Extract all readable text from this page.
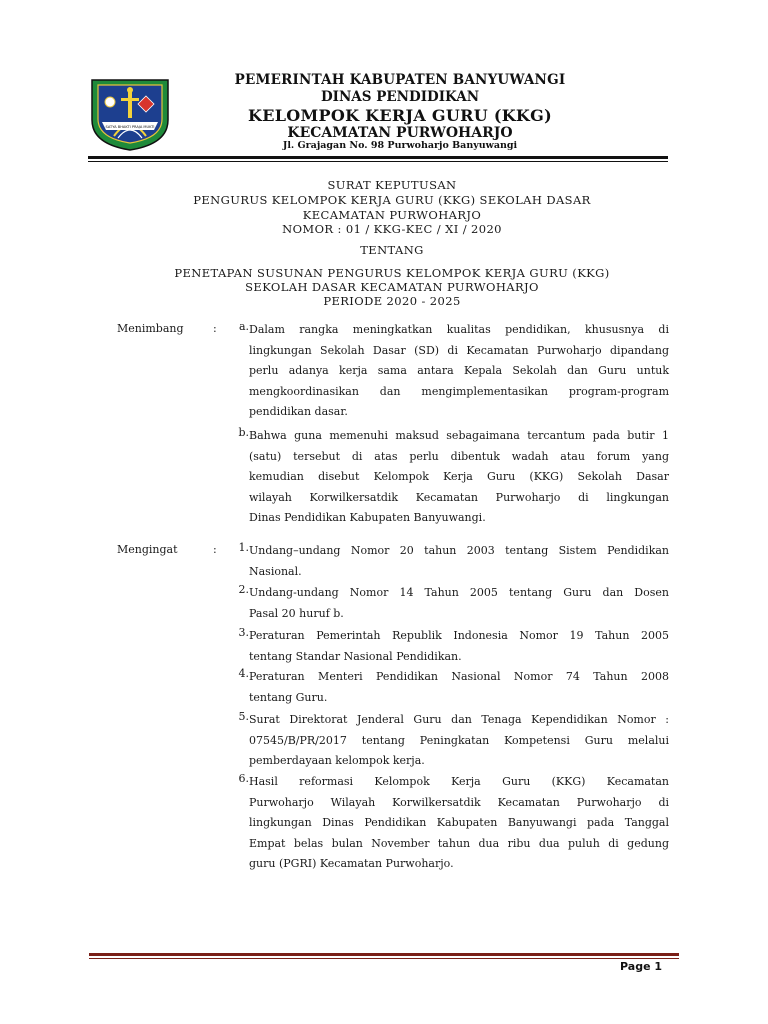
SATYA BHAKTI PRAJA MUKTI
PEMERINTAH KABUPATEN BANYUWANGI
DINAS PENDIDIKAN
KELOMPOK KERJA GURU (KKG)
KECAMATAN PURWOHARJO
Jl. Grajagan No. 98 Purwoharjo Banyuwangi
SURAT KEPUTUSAN
PENGURUS KELOMPOK KERJA GURU (KKG) SEKOLAH DASAR
KECAMATAN PURWOHARJO
NOMOR : 01 / KKG-KEC / XI / 2020
TENTANG
PENETAPAN SUSUNAN PENGURUS KELOMPOK KERJA GURU (KKG)
SEKOLAH DASAR KECAMATAN PURWOHARJO
PERIODE 2020 - 2025
Menimbang	:	a. Dalam rangka meningkatkan kualitas pendidikan, khususnya di

lingkungan Sekolah Dasar (SD) di Kecamatan Purwoharjo dipandang

perlu adanya kerja sama antara Kepala Sekolah dan Guru untuk

mengkoordinasikan dan mengimplementasikan program-program

pendidikan dasar.

b. Bahwa guna memenuhi maksud sebagaimana tercantum pada butir 1

(satu) tersebut di atas perlu dibentuk wadah atau forum yang

kemudian disebut Kelompok Kerja Guru (KKG) Sekolah Dasar

wilayah Korwilkersatdik Kecamatan Purwoharjo di lingkungan

Dinas Pendidikan Kabupaten Banyuwangi.

Mengingat	:	1. Undang–undang Nomor 20 tahun 2003 tentang Sistem Pendidikan

Nasional.

2. Undang-undang Nomor 14 Tahun 2005 tentang Guru dan Dosen

Pasal 20 huruf b.

3. Peraturan Pemerintah Republik Indonesia Nomor 19 Tahun 2005

tentang Standar Nasional Pendidikan.

4. Peraturan Menteri Pendidikan Nasional Nomor 74 Tahun 2008

tentang Guru.

5. Surat Direktorat Jenderal Guru dan Tenaga Kependidikan Nomor :

07545/B/PR/2017 tentang Peningkatan Kompetensi Guru melalui

pemberdayaan kelompok kerja.

6. Hasil reformasi Kelompok Kerja Guru (KKG) Kecamatan

Purwoharjo Wilayah Korwilkersatdik Kecamatan Purwoharjo di

lingkungan Dinas Pendidikan Kabupaten Banyuwangi pada Tanggal

Empat belas bulan November tahun dua ribu dua puluh di gedung

guru (PGRI) Kecamatan Purwoharjo.

Page 1
